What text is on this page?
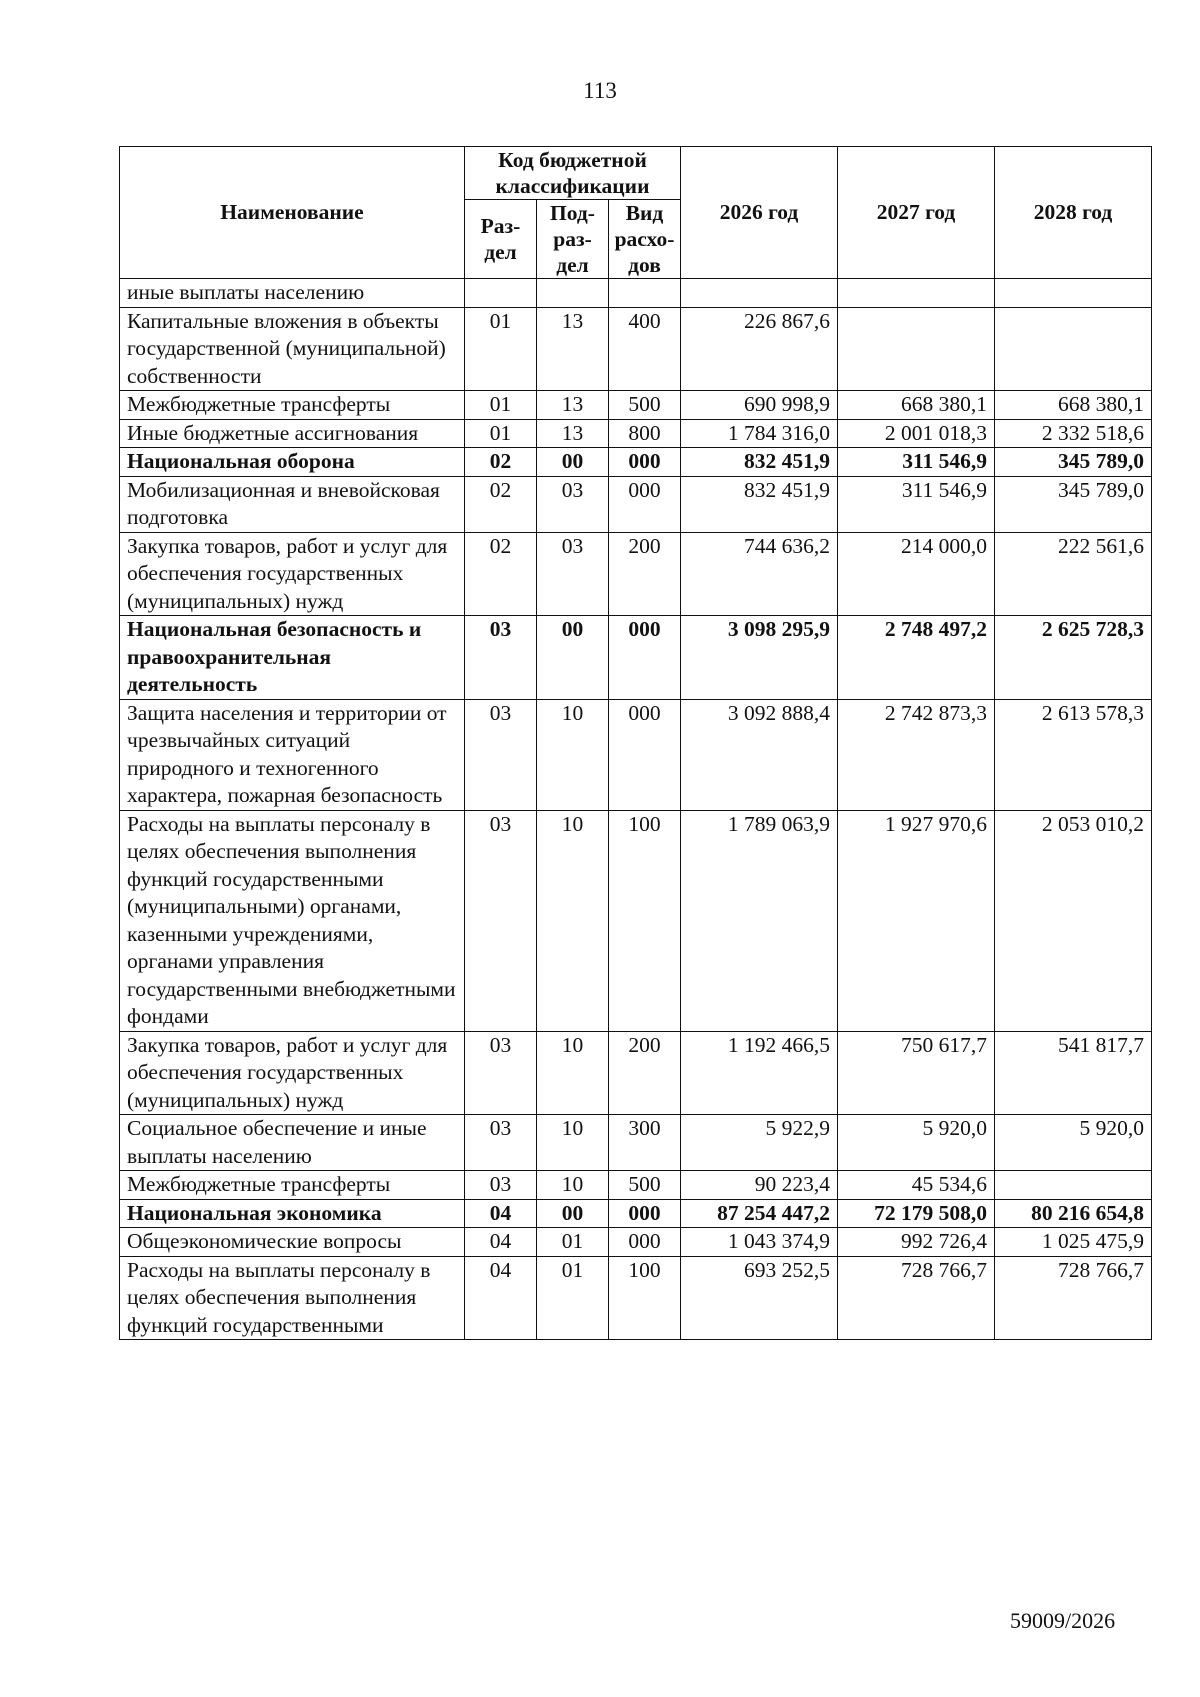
113
Наименование	Код бюджетной классификации			2026 год	2027 год	2028 год
	Раз-дел	Под-раз-дел	Вид расхо-дов			
иные выплаты населению						
Капитальные вложения в объекты государственной (муниципальной) собственности	01	13	400	226 867,6		
Межбюджетные трансферты	01	13	500	690 998,9	668 380,1	668 380,1
Иные бюджетные ассигнования	01	13	800	1 784 316,0	2 001 018,3	2 332 518,6
Национальная оборона	02	00	000	832 451,9	311 546,9	345 789,0
Мобилизационная и вневойсковая подготовка	02	03	000	832 451,9	311 546,9	345 789,0
Закупка товаров, работ и услуг для обеспечения государственных (муниципальных) нужд	02	03	200	744 636,2	214 000,0	222 561,6
Национальная безопасность и правоохранительная деятельность	03	00	000	3 098 295,9	2 748 497,2	2 625 728,3
Защита населения и территории от чрезвычайных ситуаций природного и техногенного характера, пожарная безопасность	03	10	000	3 092 888,4	2 742 873,3	2 613 578,3
Расходы на выплаты персоналу в целях обеспечения выполнения функций государственными (муниципальными) органами, казенными учреждениями, органами управления государственными внебюджетными фондами	03	10	100	1 789 063,9	1 927 970,6	2 053 010,2
Закупка товаров, работ и услуг для обеспечения государственных (муниципальных) нужд	03	10	200	1 192 466,5	750 617,7	541 817,7
Социальное обеспечение и иные выплаты населению	03	10	300	5 922,9	5 920,0	5 920,0
Межбюджетные трансферты	03	10	500	90 223,4	45 534,6	
Национальная экономика	04	00	000	87 254 447,2	72 179 508,0	80 216 654,8
Общеэкономические вопросы	04	01	000	1 043 374,9	992 726,4	1 025 475,9
Расходы на выплаты персоналу в целях обеспечения выполнения функций государственными	04	01	100	693 252,5	728 766,7	728 766,7
59009/2026
